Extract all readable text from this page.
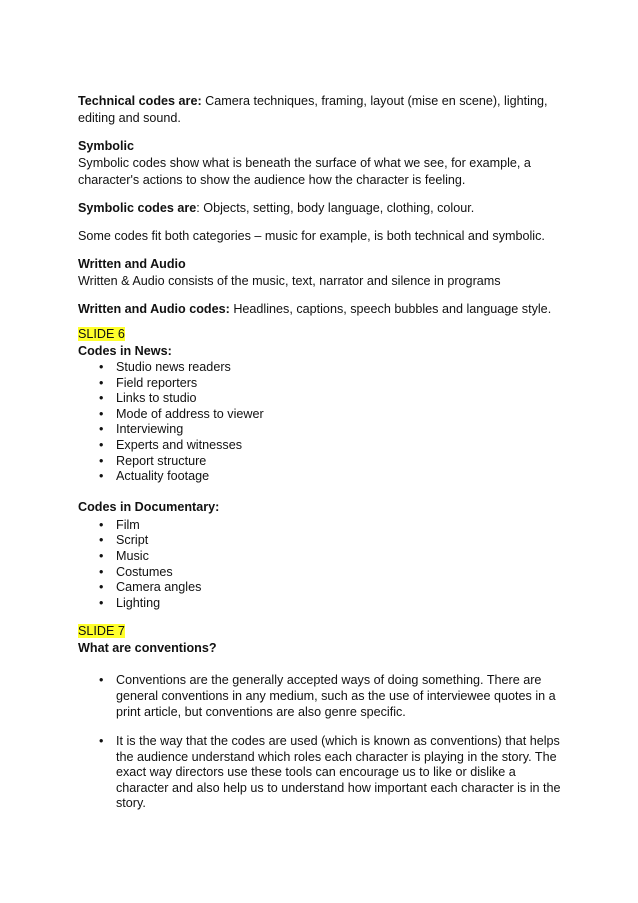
Technical codes are: Camera techniques, framing, layout (mise en scene), lighting, editing and sound.

Symbolic

Symbolic codes show what is beneath the surface of what we see, for example, a character's actions to show the audience how the character is feeling.

Symbolic codes are: Objects, setting, body language, clothing, colour.

Some codes fit both categories – music for example, is both technical and symbolic.

Written and Audio

Written & Audio consists of the music, text, narrator and silence in programs

Written and Audio codes: Headlines, captions, speech bubbles and language style.

SLIDE 6

Codes in News:

• Studio news readers
• Field reporters
• Links to studio
• Mode of address to viewer
• Interviewing
• Experts and witnesses
• Report structure
• Actuality footage

Codes in Documentary:

• Film
• Script
• Music
• Costumes
• Camera angles
• Lighting

SLIDE 7

What are conventions?

• Conventions are the generally accepted ways of doing something. There are general conventions in any medium, such as the use of interviewee quotes in a print article, but conventions are also genre specific.
• It is the way that the codes are used (which is known as conventions) that helps the audience understand which roles each character is playing in the story. The exact way directors use these tools can encourage us to like or dislike a character and also help us to understand how important each character is in the story.
